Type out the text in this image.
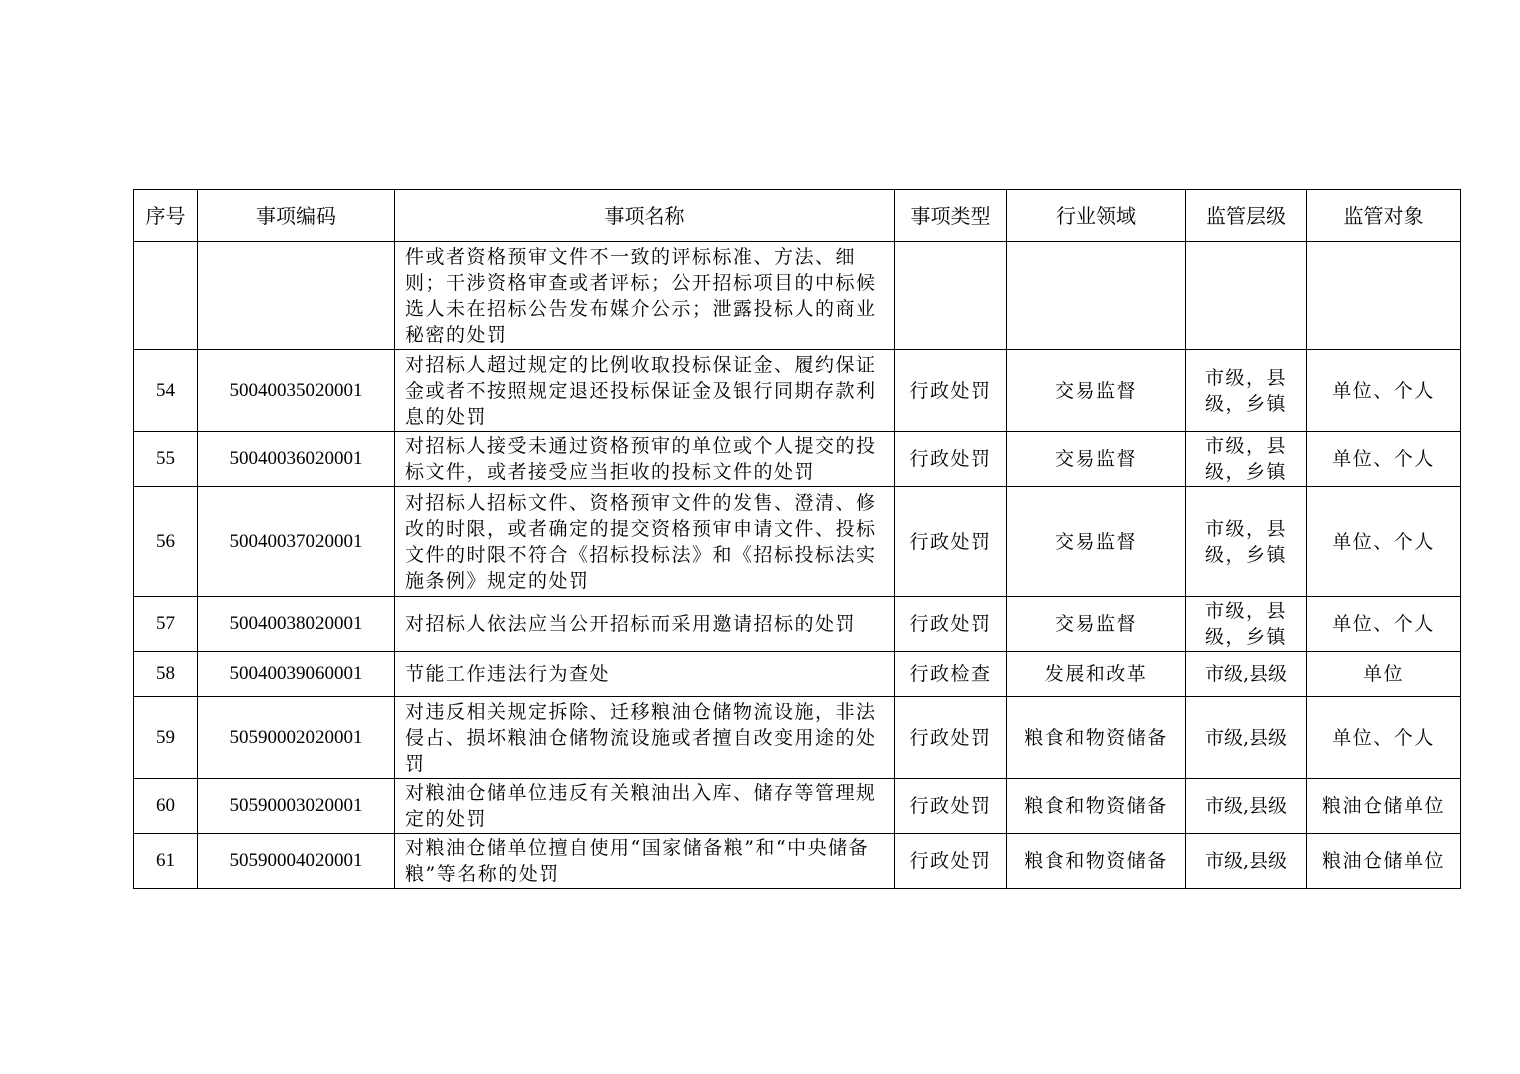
序号	事项编码	事项名称	事项类型	行业领域	监管层级	监管对象
		件或者资格预审文件不一致的评标标准、方法、细则；干涉资格审查或者评标；公开招标项目的中标候选人未在招标公告发布媒介公示；泄露投标人的商业秘密的处罚				
54	50040035020001	对招标人超过规定的比例收取投标保证金、履约保证金或者不按照规定退还投标保证金及银行同期存款利息的处罚	行政处罚	交易监督	市级，县级，乡镇	单位、个人
55	50040036020001	对招标人接受未通过资格预审的单位或个人提交的投标文件，或者接受应当拒收的投标文件的处罚	行政处罚	交易监督	市级，县级，乡镇	单位、个人
56	50040037020001	对招标人招标文件、资格预审文件的发售、澄清、修改的时限，或者确定的提交资格预审申请文件、投标文件的时限不符合《招标投标法》和《招标投标法实施条例》规定的处罚	行政处罚	交易监督	市级，县级，乡镇	单位、个人
57	50040038020001	对招标人依法应当公开招标而采用邀请招标的处罚	行政处罚	交易监督	市级，县级，乡镇	单位、个人
58	50040039060001	节能工作违法行为查处	行政检查	发展和改革	市级,县级	单位
59	50590002020001	对违反相关规定拆除、迁移粮油仓储物流设施，非法侵占、损坏粮油仓储物流设施或者擅自改变用途的处罚	行政处罚	粮食和物资储备	市级,县级	单位、个人
60	50590003020001	对粮油仓储单位违反有关粮油出入库、储存等管理规定的处罚	行政处罚	粮食和物资储备	市级,县级	粮油仓储单位
61	50590004020001	对粮油仓储单位擅自使用“国家储备粮”和“中央储备粮”等名称的处罚	行政处罚	粮食和物资储备	市级,县级	粮油仓储单位
